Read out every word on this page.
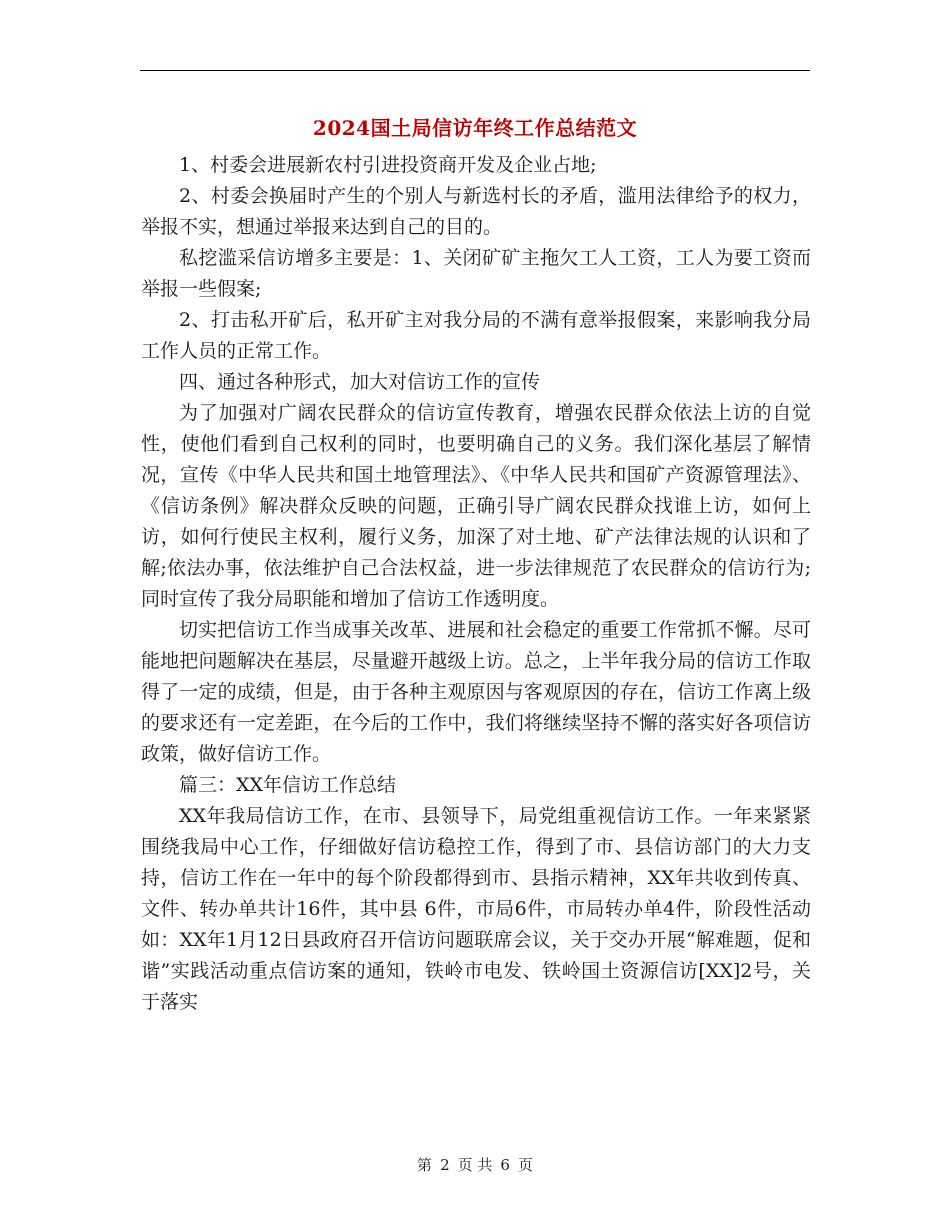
2024国土局信访年终工作总结范文

1、村委会进展新农村引进投资商开发及企业占地;

2、村委会换届时产生的个别人与新选村长的矛盾，滥用法律给予的权力，举报不实，想通过举报来达到自己的目的。

私挖滥采信访增多主要是：1、关闭矿矿主拖欠工人工资，工人为要工资而举报一些假案;

2、打击私开矿后，私开矿主对我分局的不满有意举报假案，来影响我分局工作人员的正常工作。

四、通过各种形式，加大对信访工作的宣传

为了加强对广阔农民群众的信访宣传教育，增强农民群众依法上访的自觉性，使他们看到自己权利的同时，也要明确自己的义务。我们深化基层了解情况，宣传《中华人民共和国土地管理法》、《中华人民共和国矿产资源管理法》、《信访条例》解决群众反映的问题，正确引导广阔农民群众找谁上访，如何上访，如何行使民主权利，履行义务，加深了对土地、矿产法律法规的认识和了解;依法办事，依法维护自己合法权益，进一步法律规范了农民群众的信访行为;同时宣传了我分局职能和增加了信访工作透明度。

切实把信访工作当成事关改革、进展和社会稳定的重要工作常抓不懈。尽可能地把问题解决在基层，尽量避开越级上访。总之，上半年我分局的信访工作取得了一定的成绩，但是，由于各种主观原因与客观原因的存在，信访工作离上级的要求还有一定差距，在今后的工作中，我们将继续坚持不懈的落实好各项信访政策，做好信访工作。

篇三：XX年信访工作总结

XX年我局信访工作，在市、县领导下，局党组重视信访工作。一年来紧紧围绕我局中心工作，仔细做好信访稳控工作，得到了市、县信访部门的大力支持，信访工作在一年中的每个阶段都得到市、县指示精神，XX年共收到传真、文件、转办单共计16件，其中县 6件，市局6件，市局转办单4件，阶段性活动如：XX年1月12日县政府召开信访问题联席会议，关于交办开展“解难题，促和谐”实践活动重点信访案的通知，铁岭市电发、铁岭国土资源信访[XX]2号，关于落实

第 2 页 共 6 页
